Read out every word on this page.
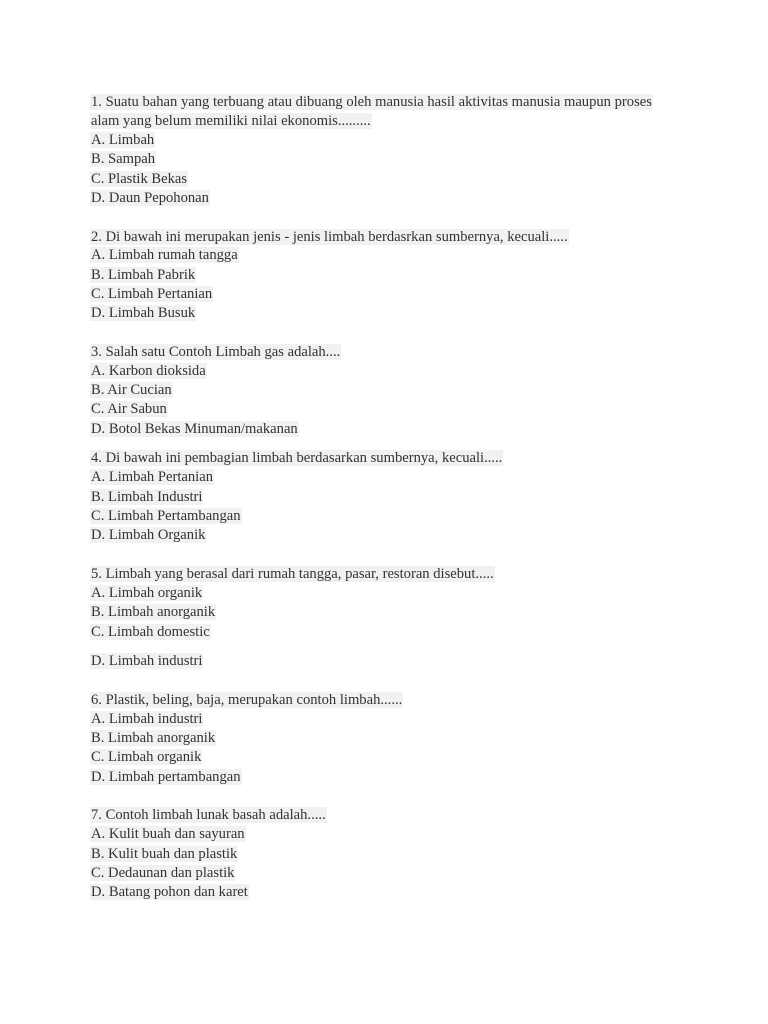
1. Suatu bahan yang terbuang atau dibuang oleh manusia hasil aktivitas manusia maupun proses
alam yang belum memiliki nilai ekonomis.........
A. Limbah
B. Sampah
C. Plastik Bekas
D. Daun Pepohonan
2. Di bawah ini merupakan jenis - jenis limbah berdasrkan sumbernya, kecuali.....
A. Limbah rumah tangga
B. Limbah Pabrik
C. Limbah Pertanian
D. Limbah Busuk
3. Salah satu Contoh Limbah gas adalah....
A. Karbon dioksida
B. Air Cucian
C. Air Sabun
D. Botol Bekas Minuman/makanan
4. Di bawah ini pembagian limbah berdasarkan sumbernya, kecuali.....
A. Limbah Pertanian
B. Limbah Industri
C. Limbah Pertambangan
D. Limbah Organik
5. Limbah yang berasal dari rumah tangga, pasar, restoran disebut.....
A. Limbah organik
B. Limbah anorganik
C. Limbah domestic
D. Limbah industri
6. Plastik, beling, baja, merupakan contoh limbah......
A. Limbah industri
B. Limbah anorganik
C. Limbah organik
D. Limbah pertambangan
7. Contoh limbah lunak basah adalah.....
A. Kulit buah dan sayuran
B. Kulit buah dan plastik
C. Dedaunan dan plastik
D. Batang pohon dan karet
